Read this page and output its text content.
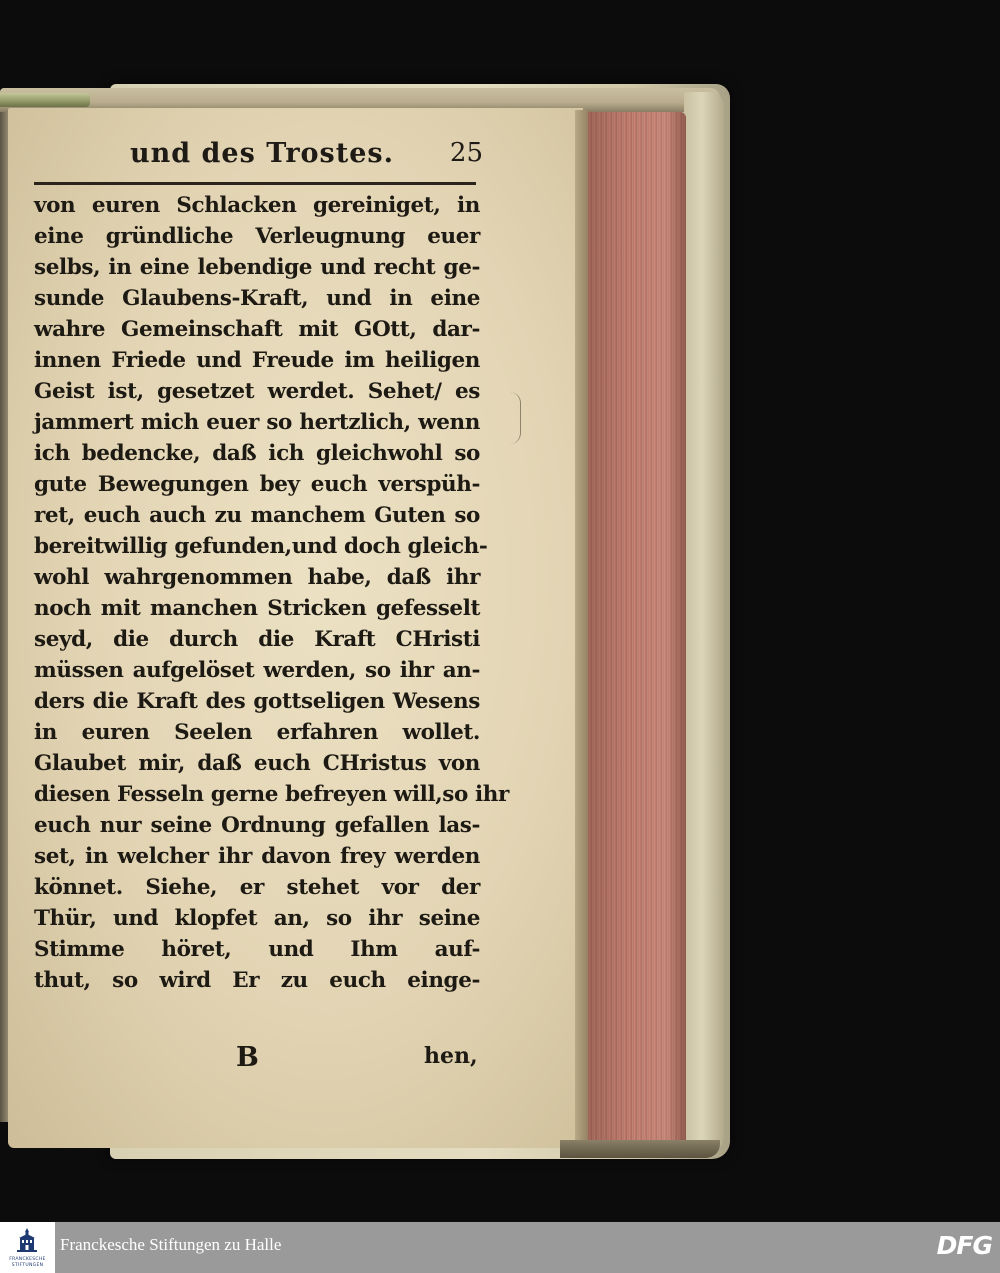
und des Trostes. 25
von euren Schlacken gereiniget, in
eine gründliche Verleugnung euer
selbs, in eine lebendige und recht ge-
sunde Glaubens-Kraft, und in eine
wahre Gemeinschaft mit GOtt, dar-
innen Friede und Freude im heiligen
Geist ist, gesetzet werdet. Sehet/ es
jammert mich euer so hertzlich, wenn
ich bedencke, daß ich gleichwohl so
gute Bewegungen bey euch verspüh-
ret, euch auch zu manchem Guten so
bereitwillig gefunden,und doch gleich-
wohl wahrgenommen habe, daß ihr
noch mit manchen Stricken gefesselt
seyd, die durch die Kraft CHristi
müssen aufgelöset werden, so ihr an-
ders die Kraft des gottseligen Wesens
in euren Seelen erfahren wollet.
Glaubet mir, daß euch CHristus von
diesen Fesseln gerne befreyen will,so ihr
euch nur seine Ordnung gefallen las-
set, in welcher ihr davon frey werden
könnet. Siehe, er stehet vor der
Thür, und klopfet an, so ihr seine
Stimme höret, und Ihm auf-
thut, so wird Er zu euch einge-
B	hen,
FRANCKESCHE STIFTUNGEN
Franckesche Stiftungen zu Halle	DFG
